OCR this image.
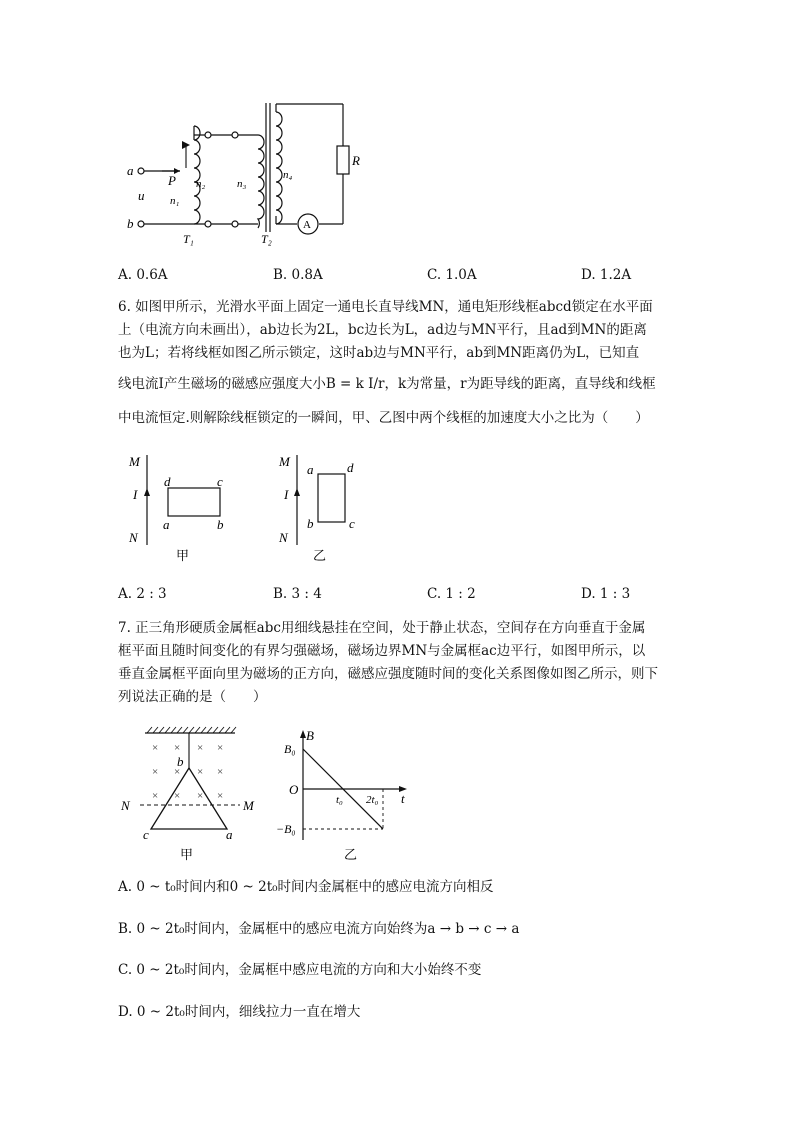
a
b
u
P n₂
n₁
n₃
n₄
R
A
T₁	T₂
A. 0.6A	B. 0.8A	C. 1.0A	D. 1.2A
6. 如图甲所示，光滑水平面上固定一通电长直导线MN，通电矩形线框abcd锁定在水平面
上（电流方向未画出），ab边长为2L，bc边长为L，ad边与MN平行，且ad到MN的距离
也为L；若将线框如图乙所示锁定，这时ab边与MN平行，ab到MN距离仍为L，已知直
线电流I产生磁场的磁感应强度大小B = k I/r，k为常量，r为距导线的距离，直导线和线框
中电流恒定.则解除线框锁定的一瞬间，甲、乙图中两个线框的加速度大小之比为（　　）
M
N
I
d	c
a	b
甲
M
N
I
a	d
b	c
乙
A. 2 : 3	B. 3 : 4	C. 1 : 2	D. 1 : 3
7. 正三角形硬质金属框abc用细线悬挂在空间，处于静止状态，空间存在方向垂直于金属
框平面且随时间变化的有界匀强磁场，磁场边界MN与金属框ac边平行，如图甲所示，以
垂直金属框平面向里为磁场的正方向，磁感应强度随时间的变化关系图像如图乙所示，则下
列说法正确的是（　　）
× × × ×
× × × ×
× × × ×
b
N	M
c	a
甲
B
B₀
O
t₀ 2t₀ t
−B₀
乙
A. 0 ~ t₀时间内和0 ~ 2t₀时间内金属框中的感应电流方向相反
B. 0 ~ 2t₀时间内，金属框中的感应电流方向始终为a → b → c → a
C. 0 ~ 2t₀时间内，金属框中感应电流的方向和大小始终不变
D. 0 ~ 2t₀时间内，细线拉力一直在增大
